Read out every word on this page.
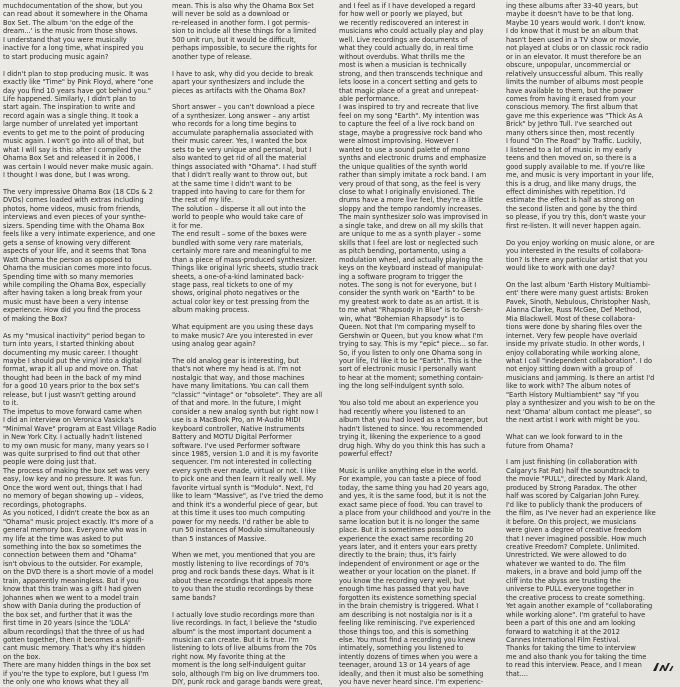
muchdocumentation of the show, but you
can read about it somewhere in the Ohama
Box Set. The album 'on the edge of the
dream...' is the music from those shows.
I understand that you were musically
inactive for a long time, what inspired you
to start producing music again?

I didn't plan to stop producing music. It was
exactly like "Time" by Pink Floyd, where "one
day you find 10 years have got behind you."
Life happened. Similarly, I didn't plan to
start again. The inspiration to write and
record again was a single thing. It took a
large number of unrelated yet important
events to get me to the point of producing
music again. I won't go into all of that, but
what I will say is this: after I compiled the
Ohama Box Set and released it in 2006, I
was certain I would never make music again.
I thought I was done, but I was wrong.

The very impressive Ohama Box (18 CDs & 2
DVDs) comes loaded with extras including
photos, home videos, music from friends,
interviews and even pieces of your synthe-
sizers. Spending time with the Ohama Box
feels like a very intimate experience, and one
gets a sense of knowing very different
aspects of your life, and it seems that Tona
Watt Ohama the person as opposed to
Ohama the musician comes more into focus.
Spending time with so many memories
while compiling the Ohama Box, especially
after having taken a long break from your
music must have been a very intense
experience. How did you find the process
of making the Box?

As my "musical inactivity" period began to
turn into years, I started thinking about
documenting my music career. I thought
maybe I should put the vinyl into a digital
format, wrap it all up and move on. That
thought had been in the back of my mind
for a good 10 years prior to the box set's
release, but I just wasn't getting around
to it.
The impetus to move forward came when
I did an interview on Veronica Vasicka's
"Minimal Wave" program at East Village Radio
in New York City. I actually hadn't listened
to my own music for many, many years so I
was quite surprised to find out that other
people were doing just that.
The process of making the box set was very
easy, low key and no pressure. It was fun.
Once the word went out, things that I had
no memory of began showing up – videos,
recordings, photographs.
As you noticed, I didn't create the box as an
"Ohama" music project exactly. It's more of a
general memory box. Everyone who was in
my life at the time was asked to put
something into the box so sometimes the
connection between them and "Ohama"
isn't obvious to the outsider. For example,
on the DVD there is a short movie of a model
train, apparently meaningless. But if you
know that this train was a gift I had given
Johannes when we went to a model train
show with Dania during the production of
the box set, and further that it was the
first time in 20 years (since the 'LOLA'
album recordings) that the three of us had
gotten together, then it becomes a signifi-
cant music memory. That's why it's hidden
on the box.
There are many hidden things in the box set
if you're the type to explore, but I guess I'm
the only one who knows what they all

mean. This is also why the Ohama Box Set
will never be sold as a download or
re-released in another form. I got permis-
sion to include all these things for a limited
500 unit run, but it would be difficult,
perhaps impossible, to secure the rights for
another type of release.

I have to ask, why did you decide to break
apart your synthesizers and include the
pieces as artifacts with the Ohama Box?

Short answer – you can't download a piece
of a synthesizer. Long answer – any artist
who records for a long time begins to
accumulate paraphernalia associated with
their music career. Yes, I wanted the box
sets to be very unique and personal, but I
also wanted to get rid of all the material
things associated with "Ohama". I had stuff
that I didn't really want to throw out, but
at the same time I didn't want to be
trapped into having to care for them for
the rest of my life.
The solution – disperse it all out into the
world to people who would take care of
it for me.
The end result – some of the boxes were
bundled with some very rare materials,
certainly more rare and meaningful to me
than a piece of mass-produced synthesizer.
Things like original lyric sheets, studio track
sheets, a one-of-a-kind laminated back-
stage pass, real tickets to one of my
shows, original photo negatives or the
actual color key or test pressing from the
album making process.

What equipment are you using these days
to make music? Are you interested in ever
using analog gear again?

The old analog gear is interesting, but
that's not where my head is at. I'm not
nostalgic that way, and those machines
have many limitations. You can call them
"classic" "vintage" or "obsolete". They are all
of that and more. In the future, I might
consider a new analog synth but right now I
use is a MacBook Pro, an M-Audio MIDI
keyboard controller, Native Instruments
Battery and MOTU Digital Performer
software. I've used Performer software
since 1985, version 1.0 and it is my favorite
sequencer. I'm not interested in collecting
every synth ever made, virtual or not. I like
to pick one and then learn it really well. My
favorite virtual synth is "Modulo". Next, I'd
like to learn "Massive", as I've tried the demo
and think it's a wonderful piece of gear, but
at this time it uses too much computing
power for my needs. I'd rather be able to
run 50 instances of Modulo simultaneously
than 5 instances of Massive.

When we met, you mentioned that you are
mostly listening to live recordings of 70's
prog and rock bands these days. What is it
about these recordings that appeals more
to you than the studio recordings by these
same bands?

I actually love studio recordings more than
live recordings. In fact, I believe the "studio
album" is the most important document a
musician can create. But it is true. I'm
listening to lots of live albums from the 70s
right now. My favorite thing at the
moment is the long self-indulgent guitar
solo, although I'm big on live drummers too.
DIY, punk rock and garage bands were great,

and I feel as if I have developed a regard
for how well or poorly we played, but
we recently rediscovered an interest in
musicians who could actually play and play
well. Live recordings are documents of
what they could actually do, in real time
without overdubs. What thrills me the
most is when a musician is technically
strong, and then transcends technique and
lets loose in a concert setting and gets to
that magic place of a great and unrepeat-
able performance.
I was inspired to try and recreate that live
feel on my song "Earth". My intention was
to capture the feel of a live rock band on
stage, maybe a progressive rock band who
were almost improvising. However I
wanted to use a sound palette of mono
synths and electronic drums and emphasize
the unique qualities of the synth world
rather than simply imitate a rock band. I am
very proud of that song, as the feel is very
close to what I originally envisioned. The
drums have a more live feel, they're a little
sloppy and the tempo randomly increases.
The main synthesizer solo was improvised in
a single take, and drew on all my skills that
are unique to me as a synth player – some
skills that I feel are lost or neglected such
as pitch bending, portamento, using a
modulation wheel, and actually playing the
keys on the keyboard instead of manipulat-
ing a software program to trigger the
notes. The song is not for everyone, but I
consider the synth work on "Earth" to be
my greatest work to date as an artist. It is
to me what "Rhapsody in Blue" is to Gersh-
win, what "Bohemian Rhapsody" is to
Queen. Not that I'm comparing myself to
Gershwin or Queen, but you know what I'm
trying to say. This is my "epic" piece... so far.
So, if you listen to only one Ohama song in
your life, I'd like it to be "Earth". This is the
sort of electronic music I personally want
to hear at the moment; something contain-
ing the long self-indulgent synth solo.

You also told me about an experience you
had recently where you listened to an
album that you had loved as a teenager, but
hadn't listened to since. You recommended
trying it, likening the experience to a good
drug high. Why do you think this has such a
powerful effect?

Music is unlike anything else in the world.
For example, you can taste a piece of food
today, the same thing you had 20 years ago,
and yes, it is the same food, but it is not the
exact same piece of food. You can travel to
a place from your childhood and you're in the
same location but it is no longer the same
place. But it is sometimes possible to
experience the exact same recording 20
years later, and it enters your ears pretty
directly to the brain; thus, it's fairly
independent of environment or age or the
weather or your location on the planet. If
you know the recording very well, but
enough time has passed that you have
forgotten its existence something special
in the brain chemistry is triggered. What I
am describing is not nostalgia nor is it a
feeling like reminiscing. I've experienced
those things too, and this is something
else. You must find a recording you knew
intimately, something you listened to
intently dozens of times when you were a
teenager, around 13 or 14 years of age
ideally, and then it must also be something
you have never heard since. I'm experienc-

ing these albums after 33-40 years, but
maybe it doesn't have to be that long.
Maybe 10 years would work. I don't know.
I do know that it must be an album that
hasn't been used in a TV show or movie,
not played at clubs or on classic rock radio
or in an elevator. It must therefore be an
obscure, unpopular, uncommercial or
relatively unsuccessful album. This really
limits the number of albums most people
have available to them, but the power
comes from having it erased from your
conscious memory. The first album that
gave me this experience was "Thick As A
Brick" by Jethro Tull. I've searched out
many others since then, most recently
I found "On The Road" by Traffic. Luckily,
I listened to a lot of music in my early
teens and then moved on, so there is a
good supply available to me. If you're like
me, and music is very important in your life,
this is a drug, and like many drugs, the
effect diminishes with repetition. I'd
estimate the effect is half as strong on
the second listen and gone by the third
so please, if you try this, don't waste your
first re-listen. It will never happen again.

Do you enjoy working on music alone, or are
you interested in the results of collabora-
tion? Is there any particular artist that you
would like to work with one day?

On the last album 'Earth History Multiambi-
ent' there were many guest artists: Broken
Pavek, Sinoth, Nebulous, Christopher Nash,
Alanna Clarke, Russ McGee, Def Method,
Mia Blackwell. Most of these collabora-
tions were done by sharing files over the
internet. Very few people have overlaid
inside my private studio. In other words, I
enjoy collaborating while working alone,
what I call "independent collaboration". I do
not enjoy sitting down with a group of
musicians and jamming. Is there an artist I'd
like to work with? The album notes of
"Earth History Multiambient" say "If you
play a synthesizer and you wish to be on the
next 'Ohama' album contact me please", so
the next artist I work with might be you.

What can we look forward to in the
future from Ohama?

I am just finishing (in collaboration with
Calgary's Fat Pat) half the soundtrack to
the movie "PULL", directed by Mark Aland,
produced by Strong Paradox. The other
half was scored by Calgarian John Furey.
I'd like to publicly thank the producers of
the film, as I've never had an experience like
it before. On this project, we musicians
were given a degree of creative freedom
that I never imagined possible. How much
creative Freedom? Complete. Unlimited.
Unrestricted. We were allowed to do
whatever we wanted to do. The film
makers, in a brave and bold jump off the
cliff into the abyss are trusting the
universe to PULL everyone together in
the creative process to create something.
Yet again another example of "collaborating
while working alone". I'm grateful to have
been a part of this one and am looking
forward to watching it at the 2012
Cannes International Film Festival.
Thanks for taking the time to interview
me and also thank you for taking the time
to read this interview. Peace, and I mean
that....
